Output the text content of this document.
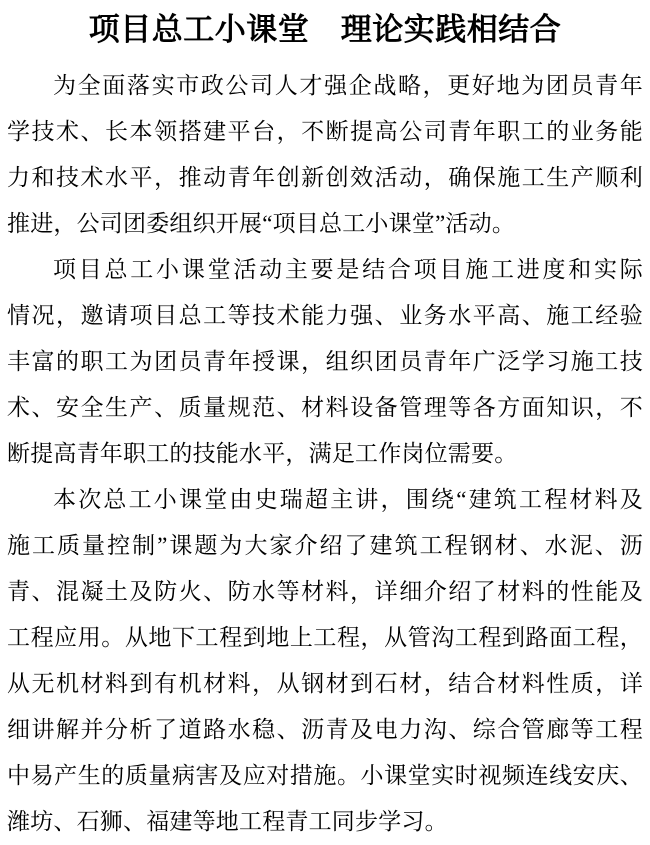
项目总工小课堂　理论实践相结合

为全面落实市政公司人才强企战略，更好地为团员青年
学技术、长本领搭建平台，不断提高公司青年职工的业务能
力和技术水平，推动青年创新创效活动，确保施工生产顺利
推进，公司团委组织开展“项目总工小课堂”活动。

项目总工小课堂活动主要是结合项目施工进度和实际
情况，邀请项目总工等技术能力强、业务水平高、施工经验
丰富的职工为团员青年授课，组织团员青年广泛学习施工技
术、安全生产、质量规范、材料设备管理等各方面知识，不
断提高青年职工的技能水平，满足工作岗位需要。

本次总工小课堂由史瑞超主讲，围绕“建筑工程材料及
施工质量控制”课题为大家介绍了建筑工程钢材、水泥、沥
青、混凝土及防火、防水等材料，详细介绍了材料的性能及
工程应用。从地下工程到地上工程，从管沟工程到路面工程，
从无机材料到有机材料，从钢材到石材，结合材料性质，详
细讲解并分析了道路水稳、沥青及电力沟、综合管廊等工程
中易产生的质量病害及应对措施。小课堂实时视频连线安庆、
潍坊、石狮、福建等地工程青工同步学习。
